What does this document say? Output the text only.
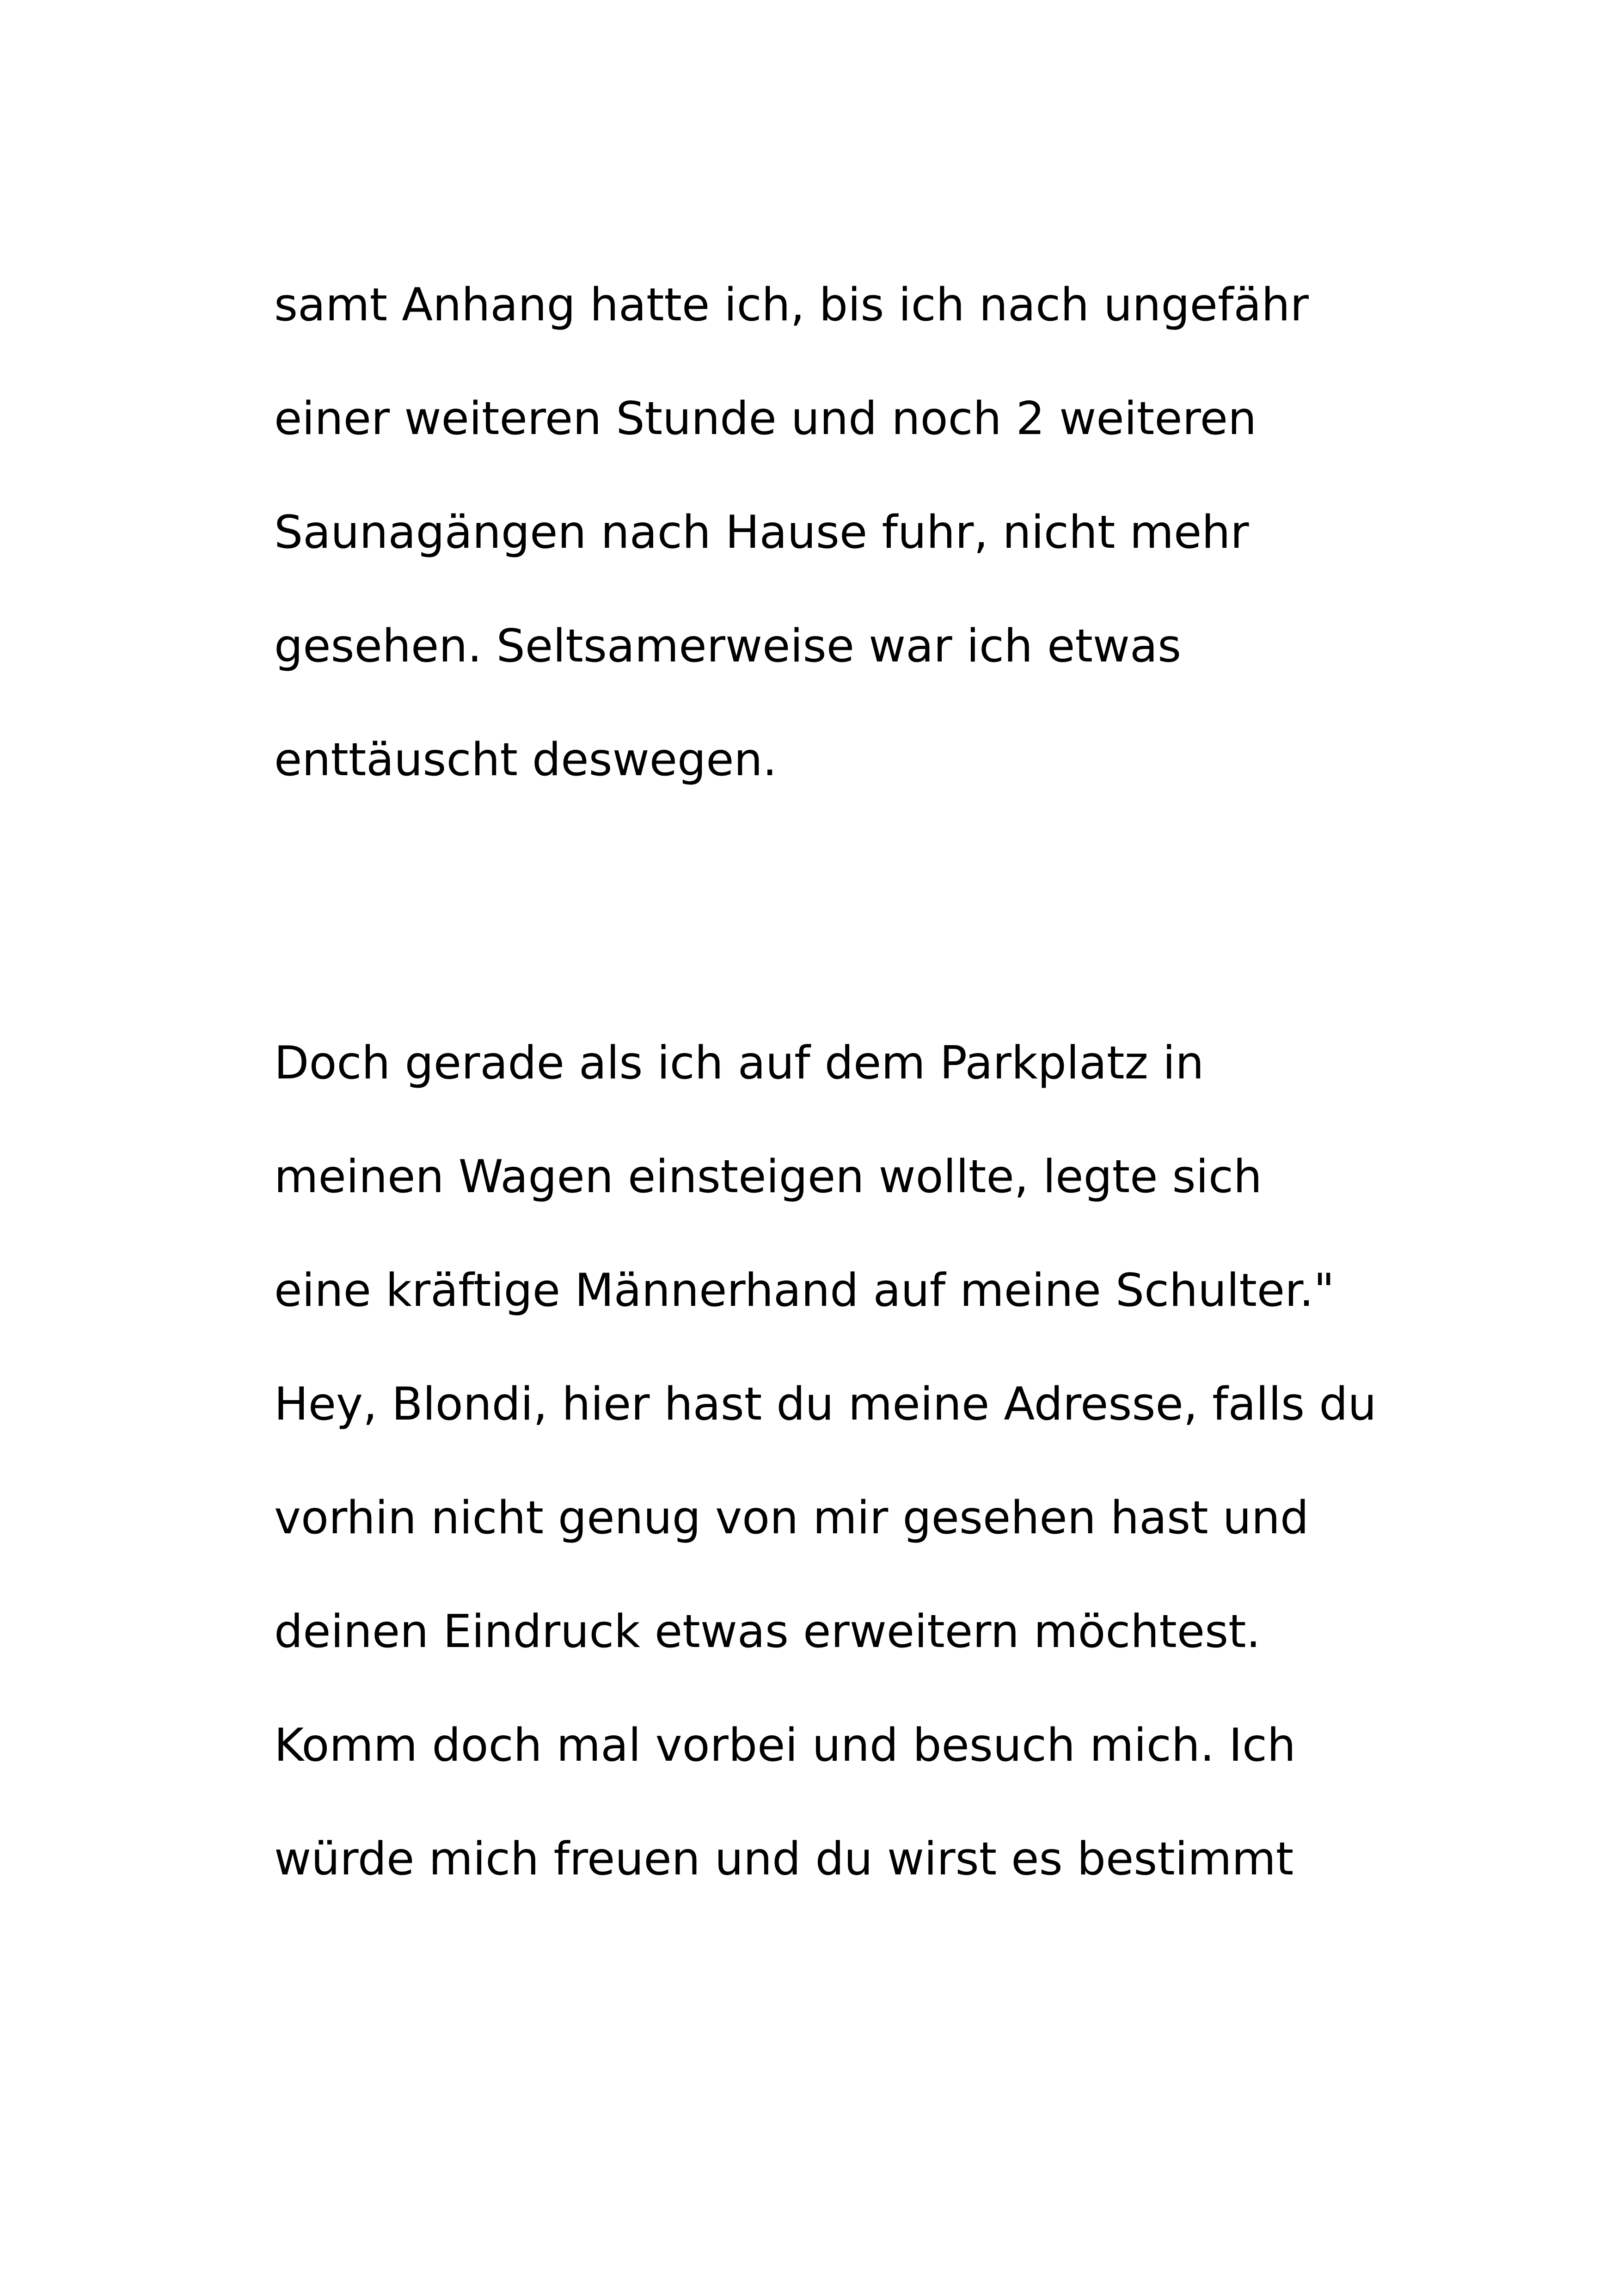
samt Anhang hatte ich, bis ich nach ungefähr
einer weiteren Stunde und noch 2 weiteren
Saunagängen nach Hause fuhr, nicht mehr
gesehen. Seltsamerweise war ich etwas
enttäuscht deswegen.
Doch gerade als ich auf dem Parkplatz in
meinen Wagen einsteigen wollte, legte sich
eine kräftige Männerhand auf meine Schulter."
Hey, Blondi, hier hast du meine Adresse, falls du
vorhin nicht genug von mir gesehen hast und
deinen Eindruck etwas erweitern möchtest.
Komm doch mal vorbei und besuch mich. Ich
würde mich freuen und du wirst es bestimmt
